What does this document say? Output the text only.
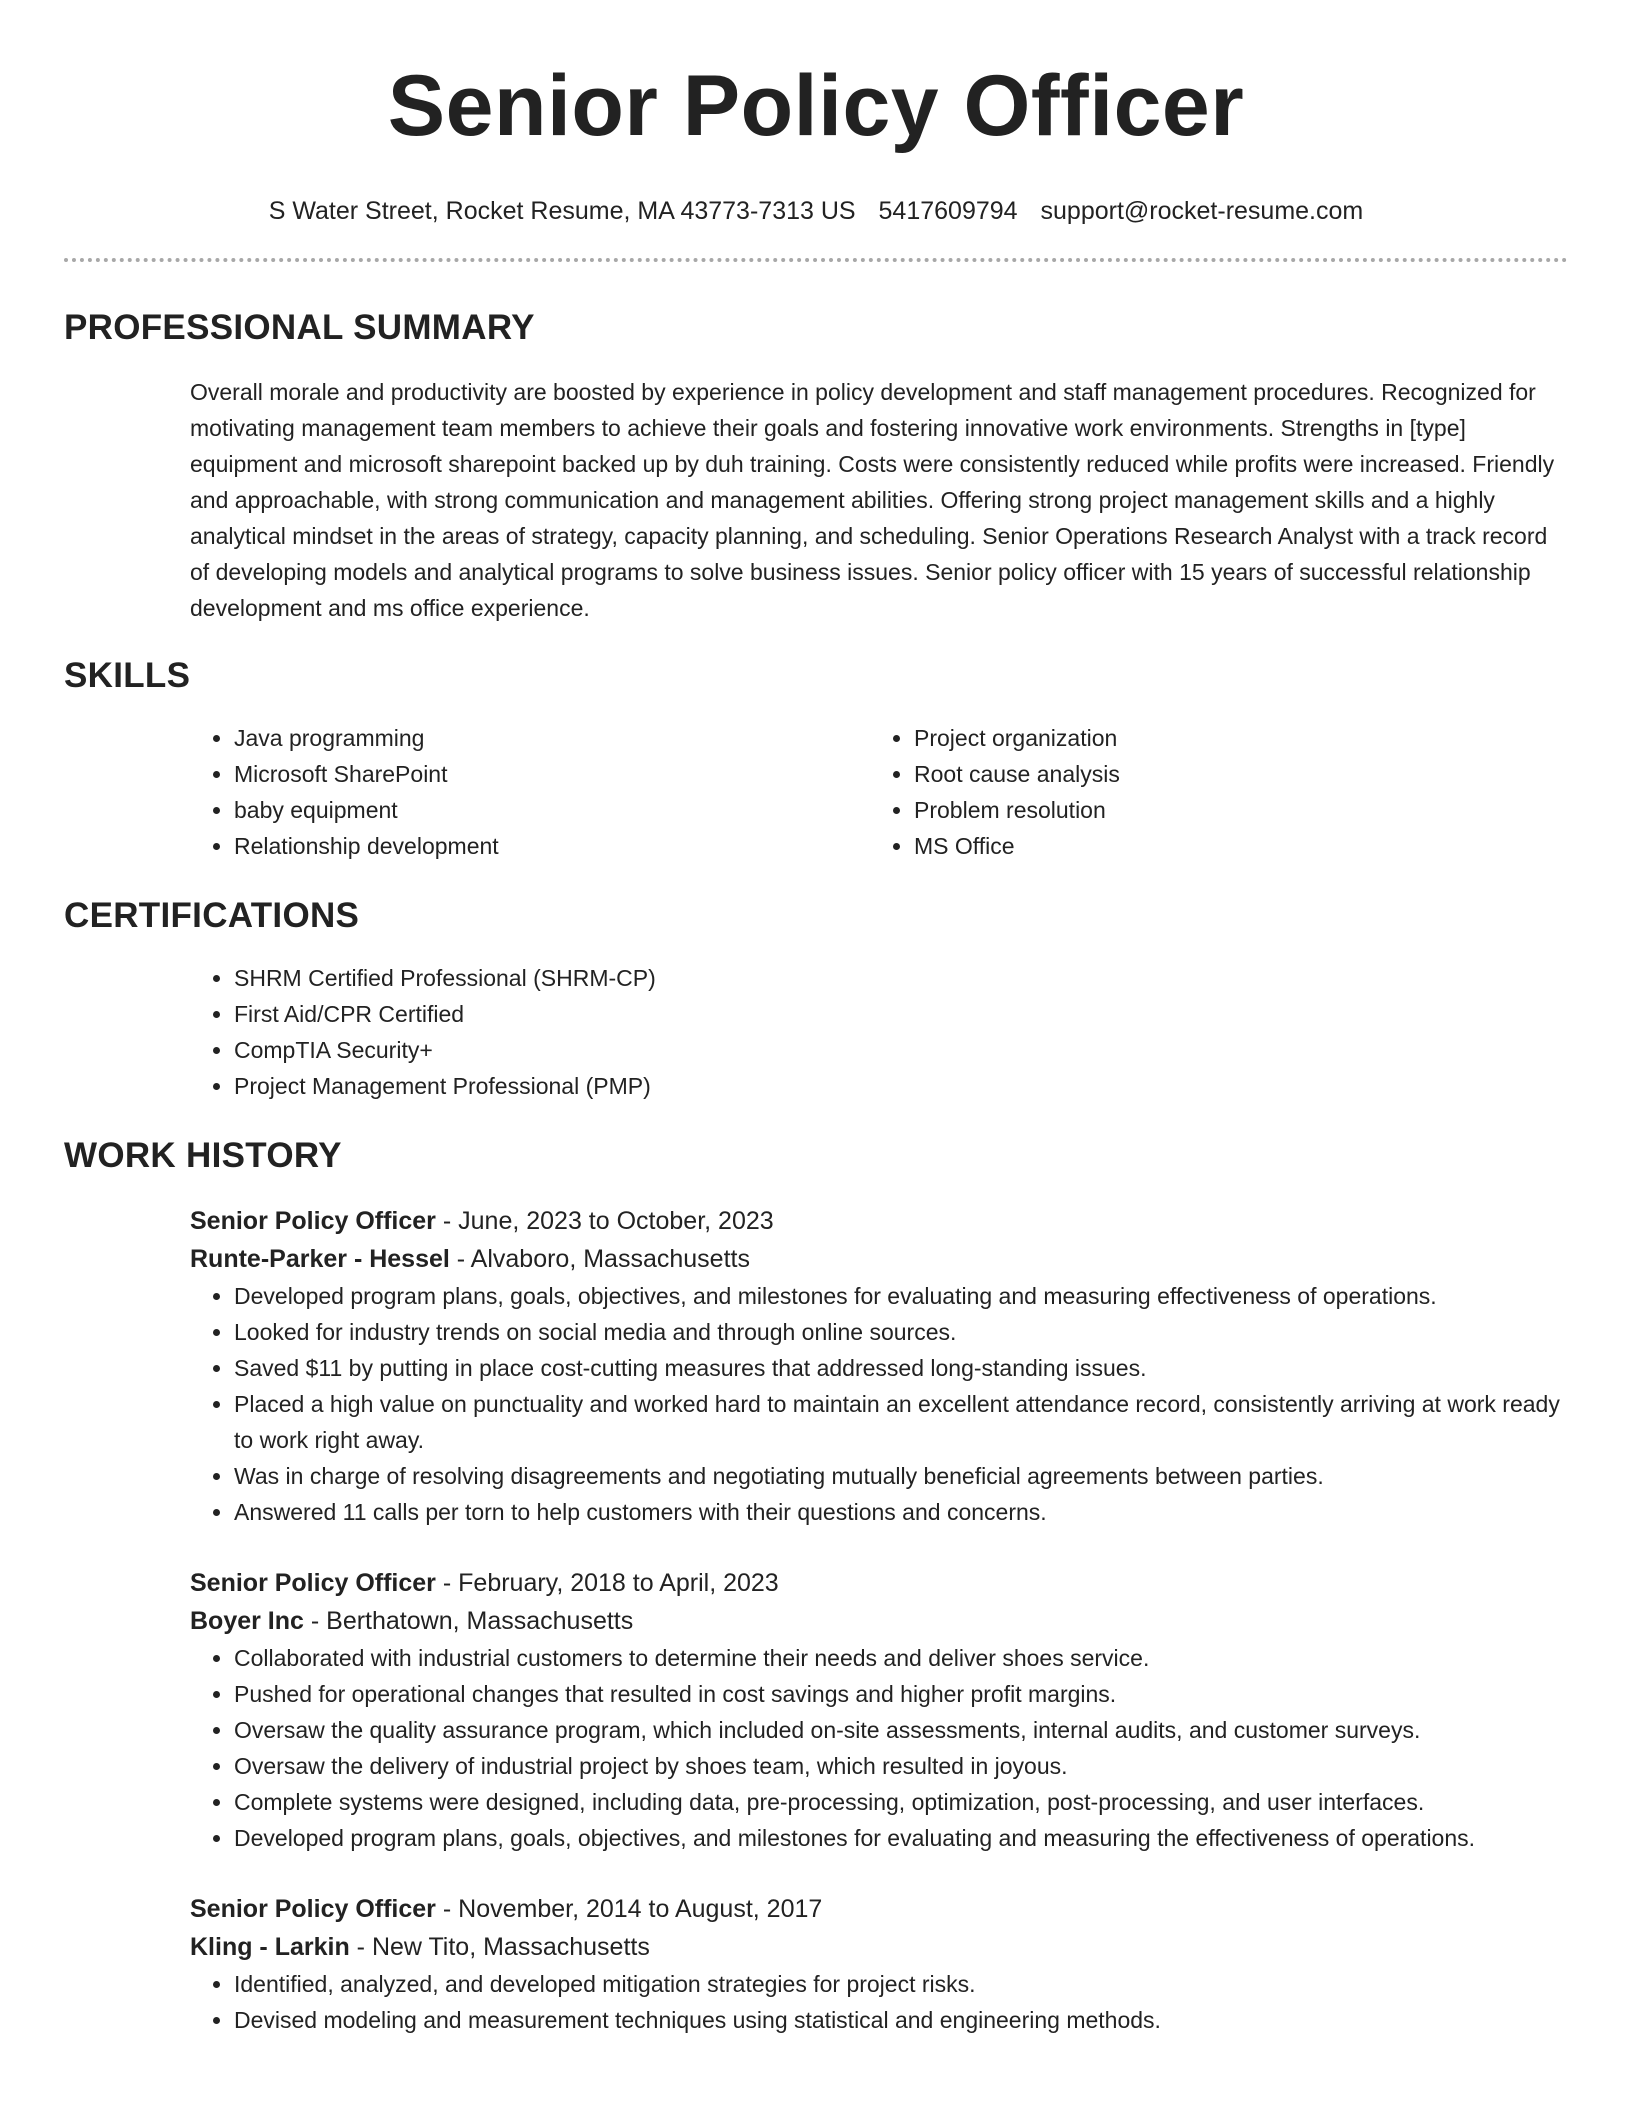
Senior Policy Officer
S Water Street, Rocket Resume, MA 43773-7313 US 5417609794 support@rocket-resume.com
PROFESSIONAL SUMMARY

Overall morale and productivity are boosted by experience in policy development and staff management procedures. Recognized for motivating management team members to achieve their goals and fostering innovative work environments. Strengths in [type] equipment and microsoft sharepoint backed up by duh training. Costs were consistently reduced while profits were increased. Friendly and approachable, with strong communication and management abilities. Offering strong project management skills and a highly analytical mindset in the areas of strategy, capacity planning, and scheduling. Senior Operations Research Analyst with a track record of developing models and analytical programs to solve business issues. Senior policy officer with 15 years of successful relationship development and ms office experience.

SKILLS
• Java programming
• Microsoft SharePoint
• baby equipment
• Relationship development
• Project organization
• Root cause analysis
• Problem resolution
• MS Office
CERTIFICATIONS
• SHRM Certified Professional (SHRM-CP)
• First Aid/CPR Certified
• CompTIA Security+
• Project Management Professional (PMP)
WORK HISTORY
Senior Policy Officer - June, 2023 to October, 2023
Runte-Parker - Hessel - Alvaboro, Massachusetts
• Developed program plans, goals, objectives, and milestones for evaluating and measuring effectiveness of operations.
• Looked for industry trends on social media and through online sources.
• Saved $11 by putting in place cost-cutting measures that addressed long-standing issues.
• Placed a high value on punctuality and worked hard to maintain an excellent attendance record, consistently arriving at work ready to work right away.
• Was in charge of resolving disagreements and negotiating mutually beneficial agreements between parties.
• Answered 11 calls per torn to help customers with their questions and concerns.
Senior Policy Officer - February, 2018 to April, 2023
Boyer Inc - Berthatown, Massachusetts
• Collaborated with industrial customers to determine their needs and deliver shoes service.
• Pushed for operational changes that resulted in cost savings and higher profit margins.
• Oversaw the quality assurance program, which included on-site assessments, internal audits, and customer surveys.
• Oversaw the delivery of industrial project by shoes team, which resulted in joyous.
• Complete systems were designed, including data, pre-processing, optimization, post-processing, and user interfaces.
• Developed program plans, goals, objectives, and milestones for evaluating and measuring the effectiveness of operations.
Senior Policy Officer - November, 2014 to August, 2017
Kling - Larkin - New Tito, Massachusetts
• Identified, analyzed, and developed mitigation strategies for project risks.
• Devised modeling and measurement techniques using statistical and engineering methods.
